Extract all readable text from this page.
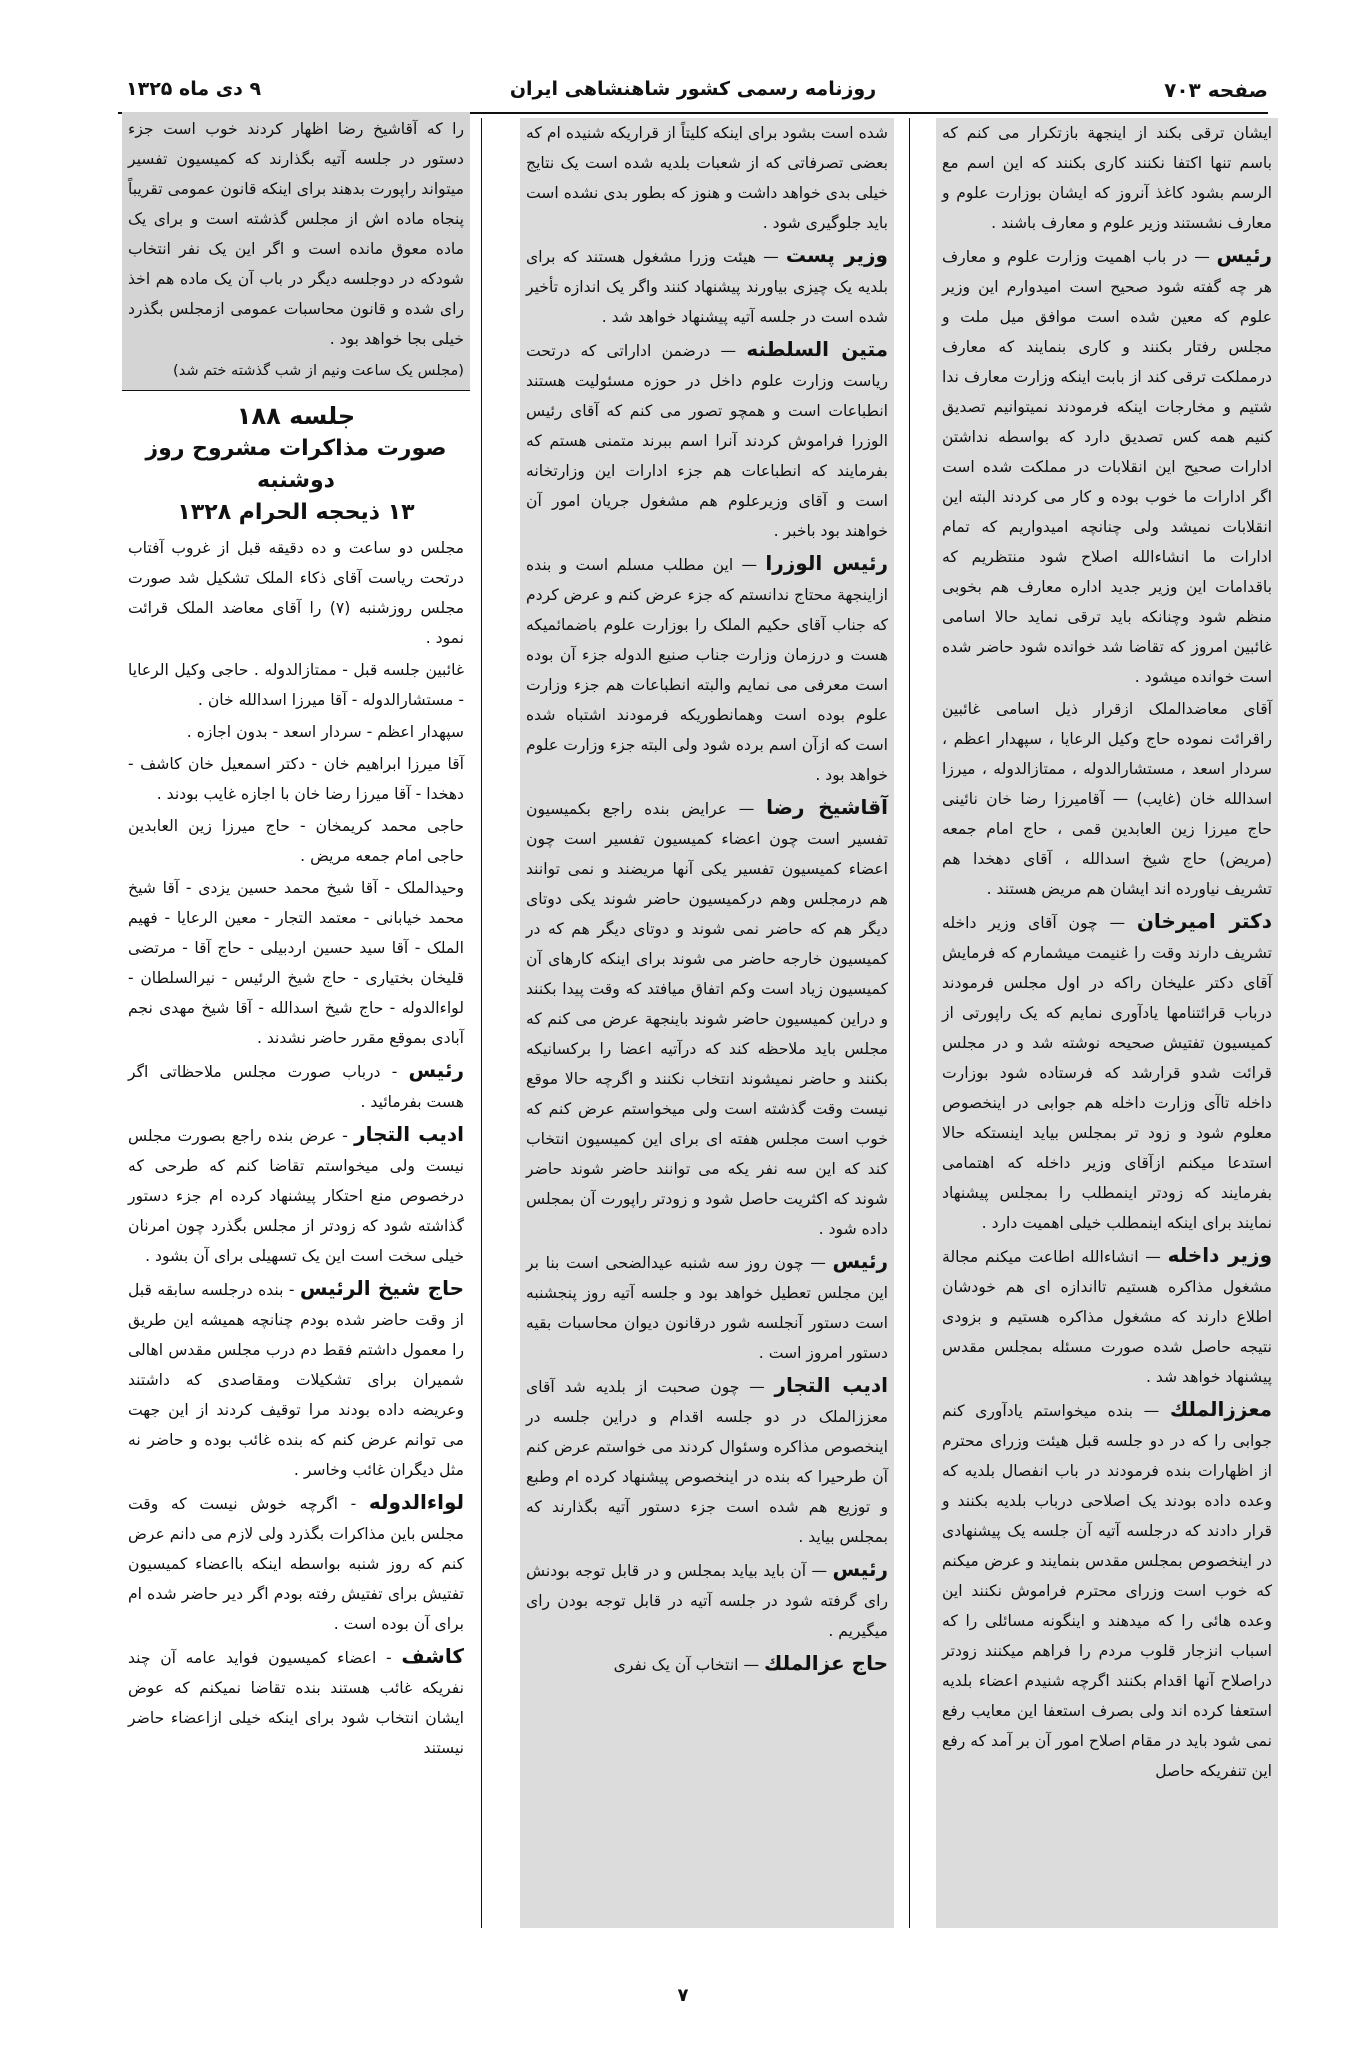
صفحه ۷۰۳
روزنامه رسمی کشور شاهنشاهی ایران
۹ دی ماه ۱۳۲۵
ایشان ترقی بکند از اینجهة بازتکرار می کنم که باسم تنها اکتفا نکنند کاری بکنند که این اسم مع الرسم بشود کاغذ آنروز که ایشان بوزارت علوم و معارف نشستند وزیر علوم و معارف باشند .
رئیس — در باب اهمیت وزارت علوم و معارف هر چه گفته شود صحیح است امیدوارم این وزیر علوم که معین شده است موافق میل ملت و مجلس رفتار بکنند و کاری بنمایند که معارف درمملکت ترقی کند از بابت اینکه وزارت معارف ندا شتیم و مخارجات اینکه فرمودند نمیتوانیم تصدیق کنیم همه کس تصدیق دارد که بواسطه نداشتن ادارات صحیح این انقلابات در مملکت شده است اگر ادارات ما خوب بوده و کار می کردند البته این انقلابات نمیشد ولی چنانچه امیدواریم که تمام ادارات ما انشاءالله اصلاح شود منتظریم که باقدامات این وزیر جدید اداره معارف هم بخوبی منظم شود وچنانکه باید ترقی نماید حالا اسامی غائبین امروز که تقاضا شد خوانده شود حاضر شده است خوانده میشود .
آقای معاضدالملک ازقرار ذیل اسامی غائبین راقرائت نموده حاج وکیل الرعایا ، سپهدار اعظم ، سردار اسعد ، مستشارالدوله ، ممتازالدوله ، میرزا اسدالله خان (غایب) — آقامیرزا رضا خان نائینی حاج میرزا زین العابدین قمی ، حاج امام جمعه (مریض) حاج شیخ اسدالله ، آقای دهخدا هم تشریف نیاورده اند ایشان هم مریض هستند .
دکتر امیرخان — چون آقای وزیر داخله تشریف دارند وقت را غنیمت میشمارم که فرمایش آقای دکتر علیخان راکه در اول مجلس فرمودند درباب قرائتنامها یادآوری نمایم که یک راپورتی از کمیسیون تفتیش صحیحه نوشته شد و در مجلس قرائت شدو قرارشد که فرستاده شود بوزارت داخله تاآی وزارت داخله هم جوابی در اینخصوص معلوم شود و زود تر بمجلس بیاید اینستکه حالا استدعا میکنم ازآقای وزیر داخله که اهتمامی بفرمایند که زودتر اینمطلب را بمجلس پیشنهاد نمایند برای اینکه اینمطلب خیلی اهمیت دارد .
وزیر داخله — انشاءالله اطاعت میکنم مجالة مشغول مذاکره هستیم تااندازه ای هم خودشان اطلاع دارند که مشغول مذاکره هستیم و بزودی نتیجه حاصل شده صورت مسئله بمجلس مقدس پیشنهاد خواهد شد .
معززالملك — بنده میخواستم یادآوری کنم جوابی را که در دو جلسه قبل هیئت وزرای محترم از اظهارات بنده فرمودند در باب انفصال بلدیه که وعده داده بودند یک اصلاحی درباب بلدیه بکنند و قرار دادند که درجلسه آتیه آن جلسه یک پیشنهادی در اینخصوص بمجلس مقدس بنمایند و عرض میکنم که خوب است وزرای محترم فراموش نکنند این وعده هائی را که میدهند و اینگونه مسائلی را که اسباب انزجار قلوب مردم را فراهم میکنند زودتر دراصلاح آنها اقدام بکنند اگرچه شنیدم اعضاء بلدیه استعفا کرده اند ولی بصرف استعفا این معایب رفع نمی شود باید در مقام اصلاح امور آن بر آمد که رفع این تنفریکه حاصل
شده است بشود برای اینکه کلیتاً از قراریکه شنیده ام که بعضی تصرفاتی که از شعبات بلدیه شده است یک نتایج خیلی بدی خواهد داشت و هنوز که بطور بدی نشده است باید جلوگیری شود .
وزیر پست — هیئت وزرا مشغول هستند که برای بلدیه یک چیزی بیاورند پیشنهاد کنند واگر یک اندازه تأخیر شده است در جلسه آتیه پیشنهاد خواهد شد .
متین السلطنه — درضمن اداراتی که درتحت ریاست وزارت علوم داخل در حوزه مسئولیت هستند انطباعات است و همچو تصور می کنم که آقای رئیس الوزرا فراموش کردند آنرا اسم ببرند متمنی هستم که بفرمایند که انطباعات هم جزء ادارات این وزارتخانه است و آقای وزیرعلوم هم مشغول جریان امور آن خواهند بود باخبر .
رئیس الوزرا — این مطلب مسلم است و بنده ازاینجهة محتاج ندانستم که جزء عرض کنم و عرض کردم که جناب آقای حکیم الملک را بوزارت علوم باضمائمیکه هست و درزمان وزارت جناب صنیع الدوله جزء آن بوده است معرفی می نمایم والبته انطباعات هم جزء وزارت علوم بوده است وهمانطوریکه فرمودند اشتباه شده است که ازآن اسم برده شود ولی البته جزء وزارت علوم خواهد بود .
آقاشیخ رضا — عرایض بنده راجع بکمیسیون تفسیر است چون اعضاء کمیسیون تفسیر است چون اعضاء کمیسیون تفسیر یکی آنها مریضند و نمی توانند هم درمجلس وهم درکمیسیون حاضر شوند یکی دوتای دیگر هم که حاضر نمی شوند و دوتای دیگر هم که در کمیسیون خارجه حاضر می شوند برای اینکه کارهای آن کمیسیون زیاد است وکم اتفاق میافتد که وقت پیدا بکنند و دراین کمیسیون حاضر شوند باینجهة عرض می کنم که مجلس باید ملاحظه کند که درآتیه اعضا را برکسانیکه بکنند و حاضر نمیشوند انتخاب نکنند و اگرچه حالا موقع نیست وقت گذشته است ولی میخواستم عرض کنم که خوب است مجلس هفته ای برای این کمیسیون انتخاب کند که این سه نفر یکه می توانند حاضر شوند حاضر شوند که اکثریت حاصل شود و زودتر راپورت آن بمجلس داده شود .
رئیس — چون روز سه شنبه عیدالضحی است بنا بر این مجلس تعطیل خواهد بود و جلسه آتیه روز پنجشنبه است دستور آنجلسه شور درقانون دیوان محاسبات بقیه دستور امروز است .
ادیب التجار — چون صحبت از بلدیه شد آقای معززالملک در دو جلسه اقدام و دراین جلسه در اینخصوص مذاکره وسئوال کردند می خواستم عرض کنم آن طرحیرا که بنده در اینخصوص پیشنهاد کرده ام وطبع و توزیع هم شده است جزء دستور آتیه بگذارند که بمجلس بیاید .
رئیس — آن باید بیاید بمجلس و در قابل توجه بودنش رای گرفته شود در جلسه آتیه در قابل توجه بودن رای میگیریم .
حاج عزالملك — انتخاب آن یک نفری
را که آقاشیخ رضا اظهار کردند خوب است جزء دستور در جلسه آتیه بگذارند که کمیسیون تفسیر میتواند راپورت بدهند برای اینکه قانون عمومی تقریباً پنجاه ماده اش از مجلس گذشته است و برای یک ماده معوق مانده است و اگر این یک نفر انتخاب شودکه در دوجلسه دیگر در باب آن یک ماده هم اخذ رای شده و قانون محاسبات عمومی ازمجلس بگذرد خیلی بجا خواهد بود .
(مجلس یک ساعت ونیم از شب گذشته ختم شد)
جلسه ۱۸۸
صورت مذاکرات مشروح روز دوشنبه
۱۳ ذیحجه الحرام ۱۳۲۸
مجلس دو ساعت و ده دقیقه قبل از غروب آفتاب درتحت ریاست آقای ذکاء الملک تشکیل شد صورت مجلس روزشنبه (۷) را آقای معاضد الملک قرائت نمود .
غائبین جلسه قبل - ممتازالدوله . حاجی وکیل الرعایا - مستشارالدوله - آقا میرزا اسدالله خان .
سپهدار اعظم - سردار اسعد - بدون اجازه .
آقا میرزا ابراهیم خان - دکتر اسمعیل خان کاشف - دهخدا - آقا میرزا رضا خان با اجازه غایب بودند .
حاجی محمد کریمخان - حاج میرزا زین العابدین حاجی امام جمعه مریض .
وحیدالملک - آقا شیخ محمد حسین یزدی - آقا شیخ محمد خیابانی - معتمد التجار - معین الرعایا - فهیم الملک - آقا سید حسین اردبیلی - حاج آقا - مرتضی قلیخان بختیاری - حاج شیخ الرئیس - نیرالسلطان - لواءالدوله - حاج شیخ اسدالله - آقا شیخ مهدی نجم آبادی بموقع مقرر حاضر نشدند .
رئیس - درباب صورت مجلس ملاحظاتی اگر هست بفرمائید .
ادیب التجار - عرض بنده راجع بصورت مجلس نیست ولی میخواستم تقاضا کنم که طرحی که درخصوص منع احتکار پیشنهاد کرده ام جزء دستور گذاشته شود که زودتر از مجلس بگذرد چون امرنان خیلی سخت است این یک تسهیلی برای آن بشود .
حاج شیخ الرئیس - بنده درجلسه سابقه قبل از وقت حاضر شده بودم چنانچه همیشه این طریق را معمول داشتم فقط دم درب مجلس مقدس اهالی شمیران برای تشکیلات ومقاصدی که داشتند وعریضه داده بودند مرا توقیف کردند از این جهت می توانم عرض کنم که بنده غائب بوده و حاضر نه مثل دیگران غائب وخاسر .
لواءالدوله - اگرچه خوش نیست که وقت مجلس باین مذاکرات بگذرد ولی لازم می دانم عرض کنم که روز شنبه بواسطه اینکه بااعضاء کمیسیون تفتیش برای تفتیش رفته بودم اگر دیر حاضر شده ام برای آن بوده است .
کاشف - اعضاء کمیسیون فواید عامه آن چند نفریکه غائب هستند بنده تقاضا نمیکنم که عوض ایشان انتخاب شود برای اینکه خیلی ازاعضاء حاضر نیستند
۷
